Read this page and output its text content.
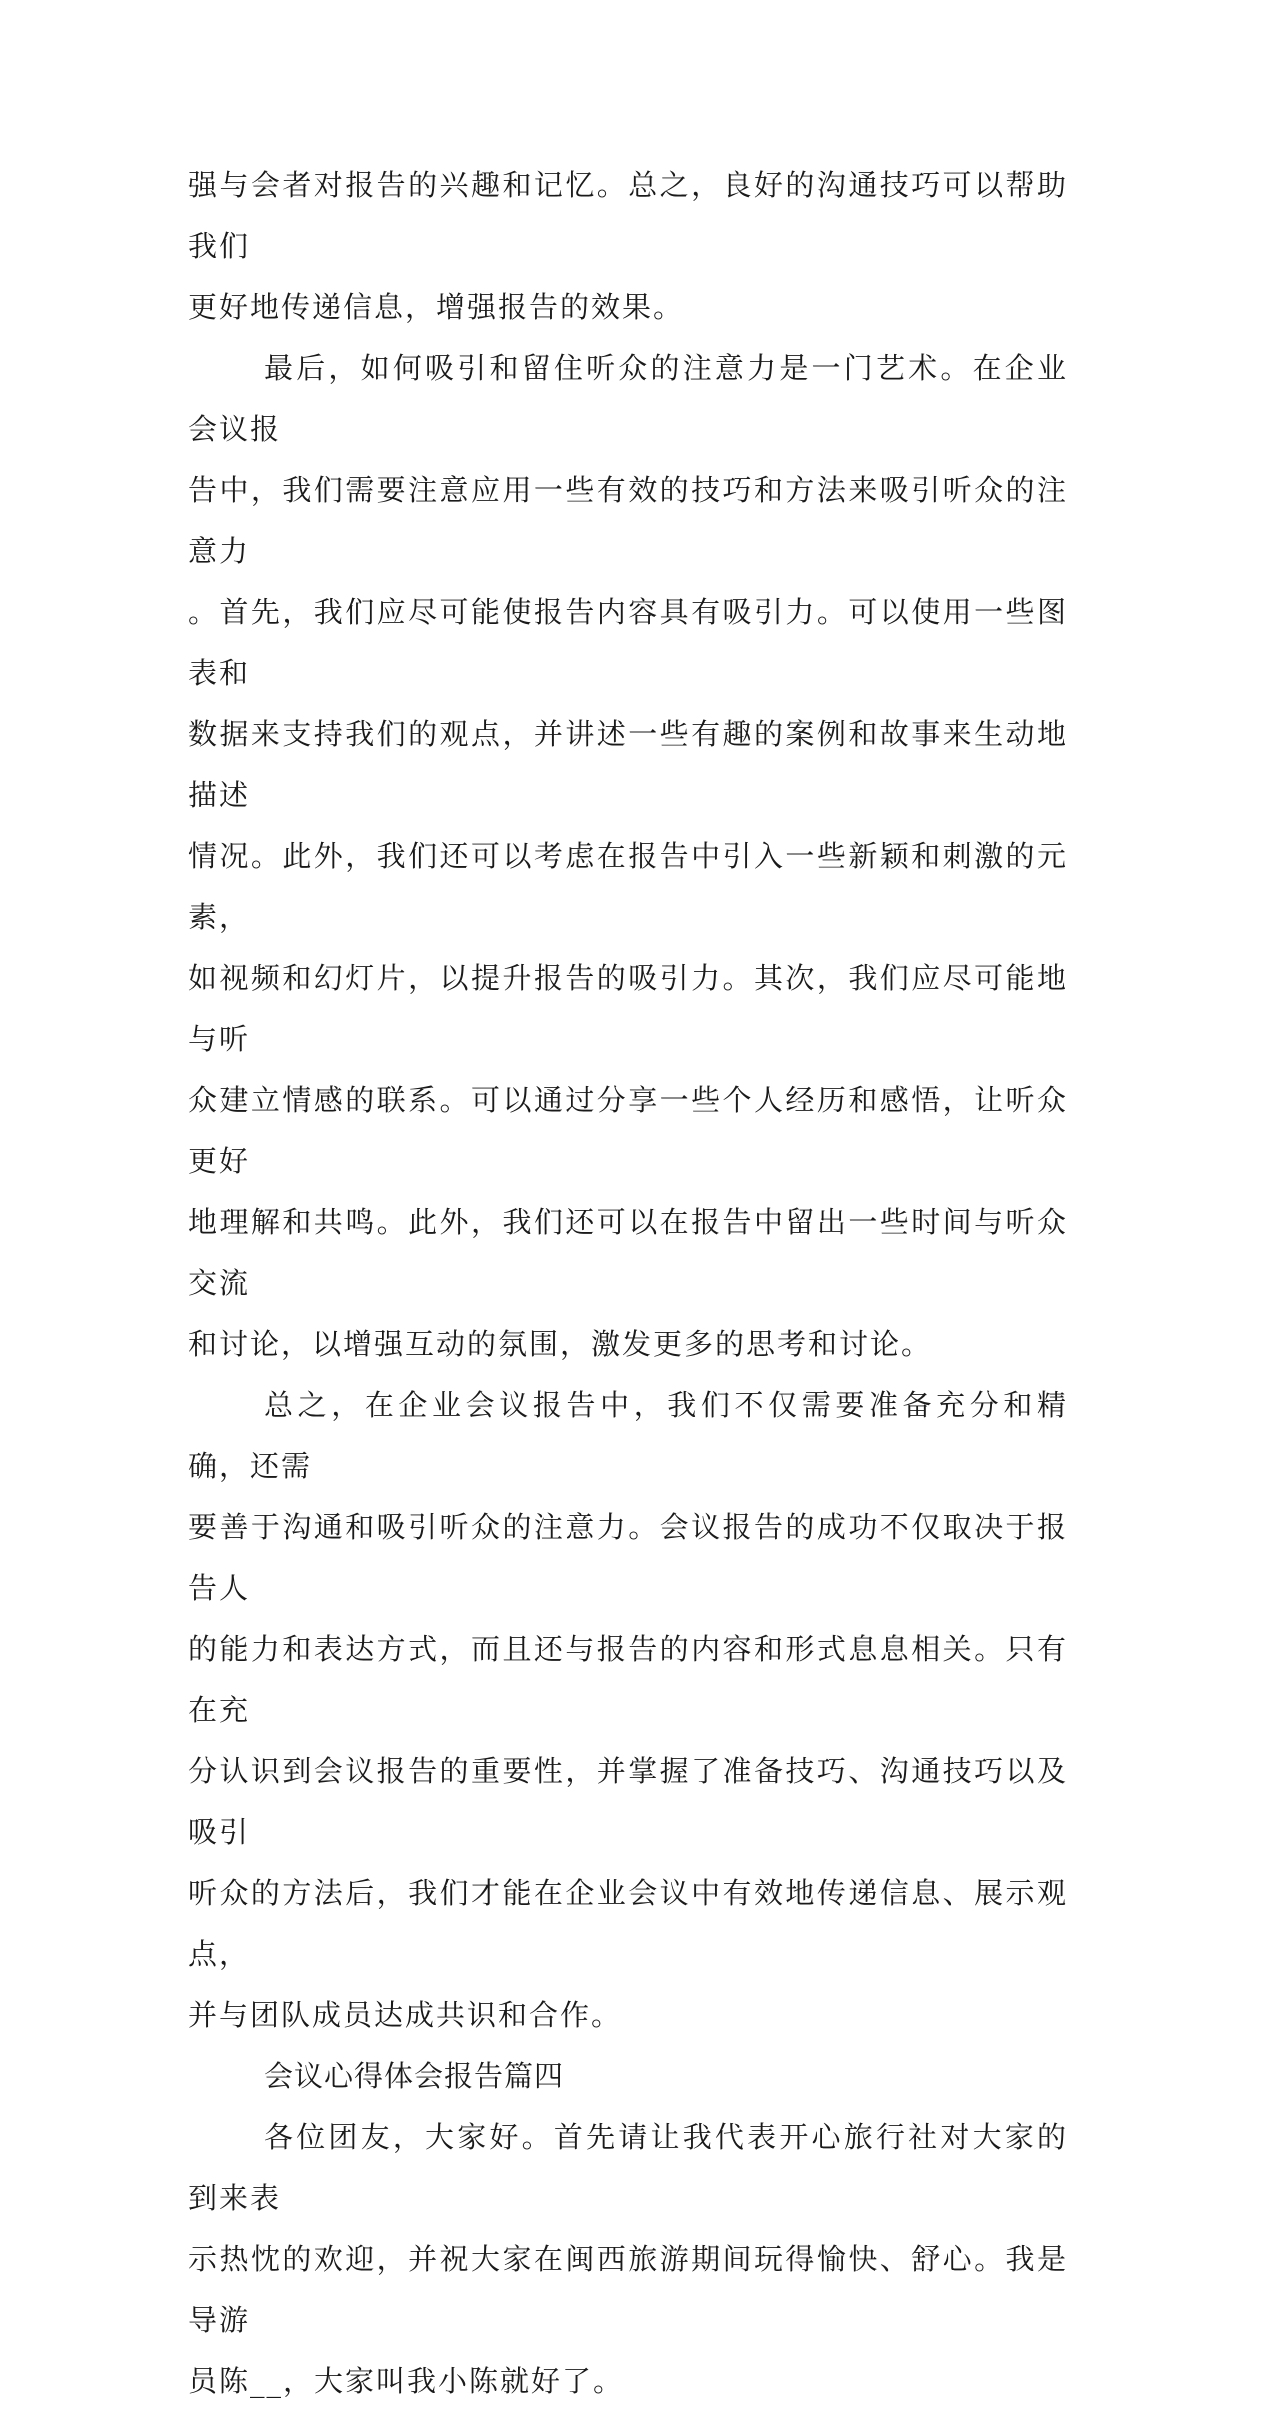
强与会者对报告的兴趣和记忆。总之，良好的沟通技巧可以帮助我们
更好地传递信息，增强报告的效果。
最后，如何吸引和留住听众的注意力是一门艺术。在企业会议报
告中，我们需要注意应用一些有效的技巧和方法来吸引听众的注意力
。首先，我们应尽可能使报告内容具有吸引力。可以使用一些图表和
数据来支持我们的观点，并讲述一些有趣的案例和故事来生动地描述
情况。此外，我们还可以考虑在报告中引入一些新颖和刺激的元素，
如视频和幻灯片，以提升报告的吸引力。其次，我们应尽可能地与听
众建立情感的联系。可以通过分享一些个人经历和感悟，让听众更好
地理解和共鸣。此外，我们还可以在报告中留出一些时间与听众交流
和讨论，以增强互动的氛围，激发更多的思考和讨论。
总之，在企业会议报告中，我们不仅需要准备充分和精确，还需
要善于沟通和吸引听众的注意力。会议报告的成功不仅取决于报告人
的能力和表达方式，而且还与报告的内容和形式息息相关。只有在充
分认识到会议报告的重要性，并掌握了准备技巧、沟通技巧以及吸引
听众的方法后，我们才能在企业会议中有效地传递信息、展示观点，
并与团队成员达成共识和合作。
会议心得体会报告篇四
各位团友，大家好。首先请让我代表开心旅行社对大家的到来表
示热忱的欢迎，并祝大家在闽西旅游期间玩得愉快、舒心。我是导游
员陈__，大家叫我小陈就好了。
